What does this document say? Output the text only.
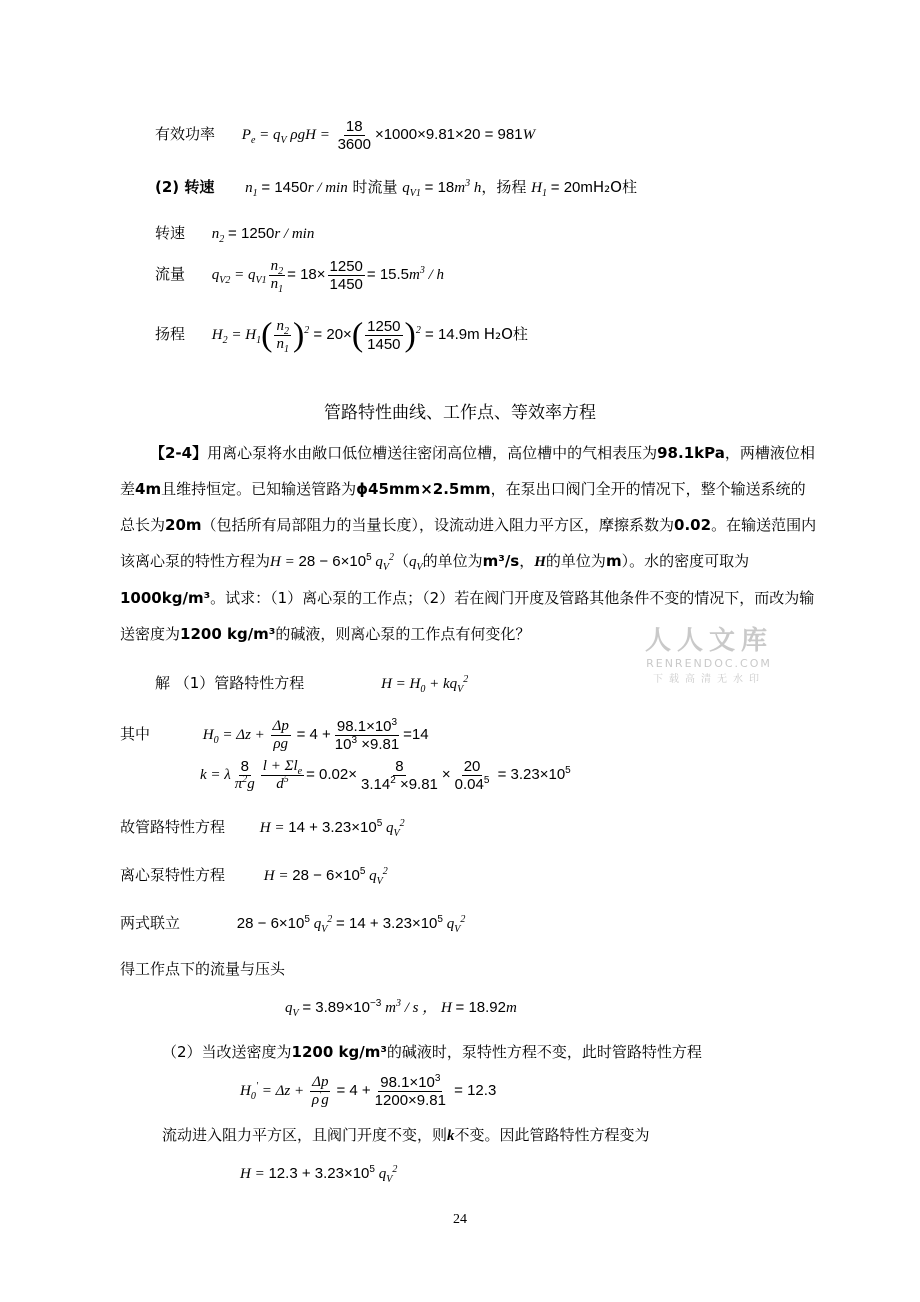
有效功率 $P_e = q_V$ $\rho gH = \frac{18}{3600} \times 1000\times 9.81\times 20 = 981W$
(2) 转速 $n_1 = 1450r / \min$ 时流量 $q_{V1} = 18m^3$ h，扬程 $H_1 = 20mH_2O$柱
转速 $n_2 = 1250r / \min$
流量 $q_{V2} = q_{V1} \frac{n_2}{n_1} = 18\times \frac{1250}{1450} = 15.5m^3 / h$
扬程 $H_2 = H_1( \frac{n_2}{n_1} )^2 = 20\times( \frac{1250}{1450} )^2 = 14.9m$ H₂O柱
管路特性曲线、工作点、等效率方程
【2-4】用离心泵将水由敞口低位槽送往密闭高位槽，高位槽中的气相表压为98.1kPa，两槽液位相差4m且维持恒定。已知输送管路为ϕ45mm×2.5mm，在泵出口阀门全开的情况下，整个输送系统的总长为20m（包括所有局部阻力的当量长度），设流动进入阻力平方区，摩擦系数为0.02。在输送范围内该离心泵的特性方程为$H = 28 - 6\times 10^5$ $q_V^2(q_V$的单位为m³/s，H的单位为m）。水的密度可取为1000kg/m³。试求：（1）离心泵的工作点；（2）若在阀门开度及管路其他条件不变的情况下，而改为输送密度为1200 kg/m³的碱液，则离心泵的工作点有何变化？	人人文库
RENRENDOC.COM
下载高清无水印
解 （1）管路特性方程	$H = H_0 + kq_V^2$
其中	$H_0 = \Delta z + \frac{\Delta p}{\rho g} = 4 + \frac{98.1\times 10^3}{10^3 \times 9.81} =14$
k = λ $\frac{8}{\pi^2g} \frac{l + \Sigma l_e}{d^5} = 0.02\times \frac{8}{3.14^2 \times 9.81} \times \frac{20}{0.04^5} = 3.23\times 10^5$
故管路特性方程 $H = 14 + 3.23\times 10^5$ $q_V^2$
离心泵特性方程	$H = 28 - 6\times 10^5$ $q_V^2$
两式联立	$28 - 6\times 10^5$ $q_V^2 = 14 + 3.23\times 10^5$ $q_V^2$
得工作点下的流量与压头
$q_V = 3.89\times 10^{-3}$ $m^3$ / s ， H = 18.92m
（2）当改送密度为1200 kg/m³的碱液时，泵特性方程不变，此时管路特性方程
$H_0' = \Delta z + \frac{\Delta p}{\rho'g} = 4 + \frac{98.1\times 10^3}{1200\times 9.81} = 12.3$
流动进入阻力平方区，且阀门开度不变，则k不变。因此管路特性方程变为
$H = 12.3 + 3.23\times 10^5$ $q_V^2$
24
